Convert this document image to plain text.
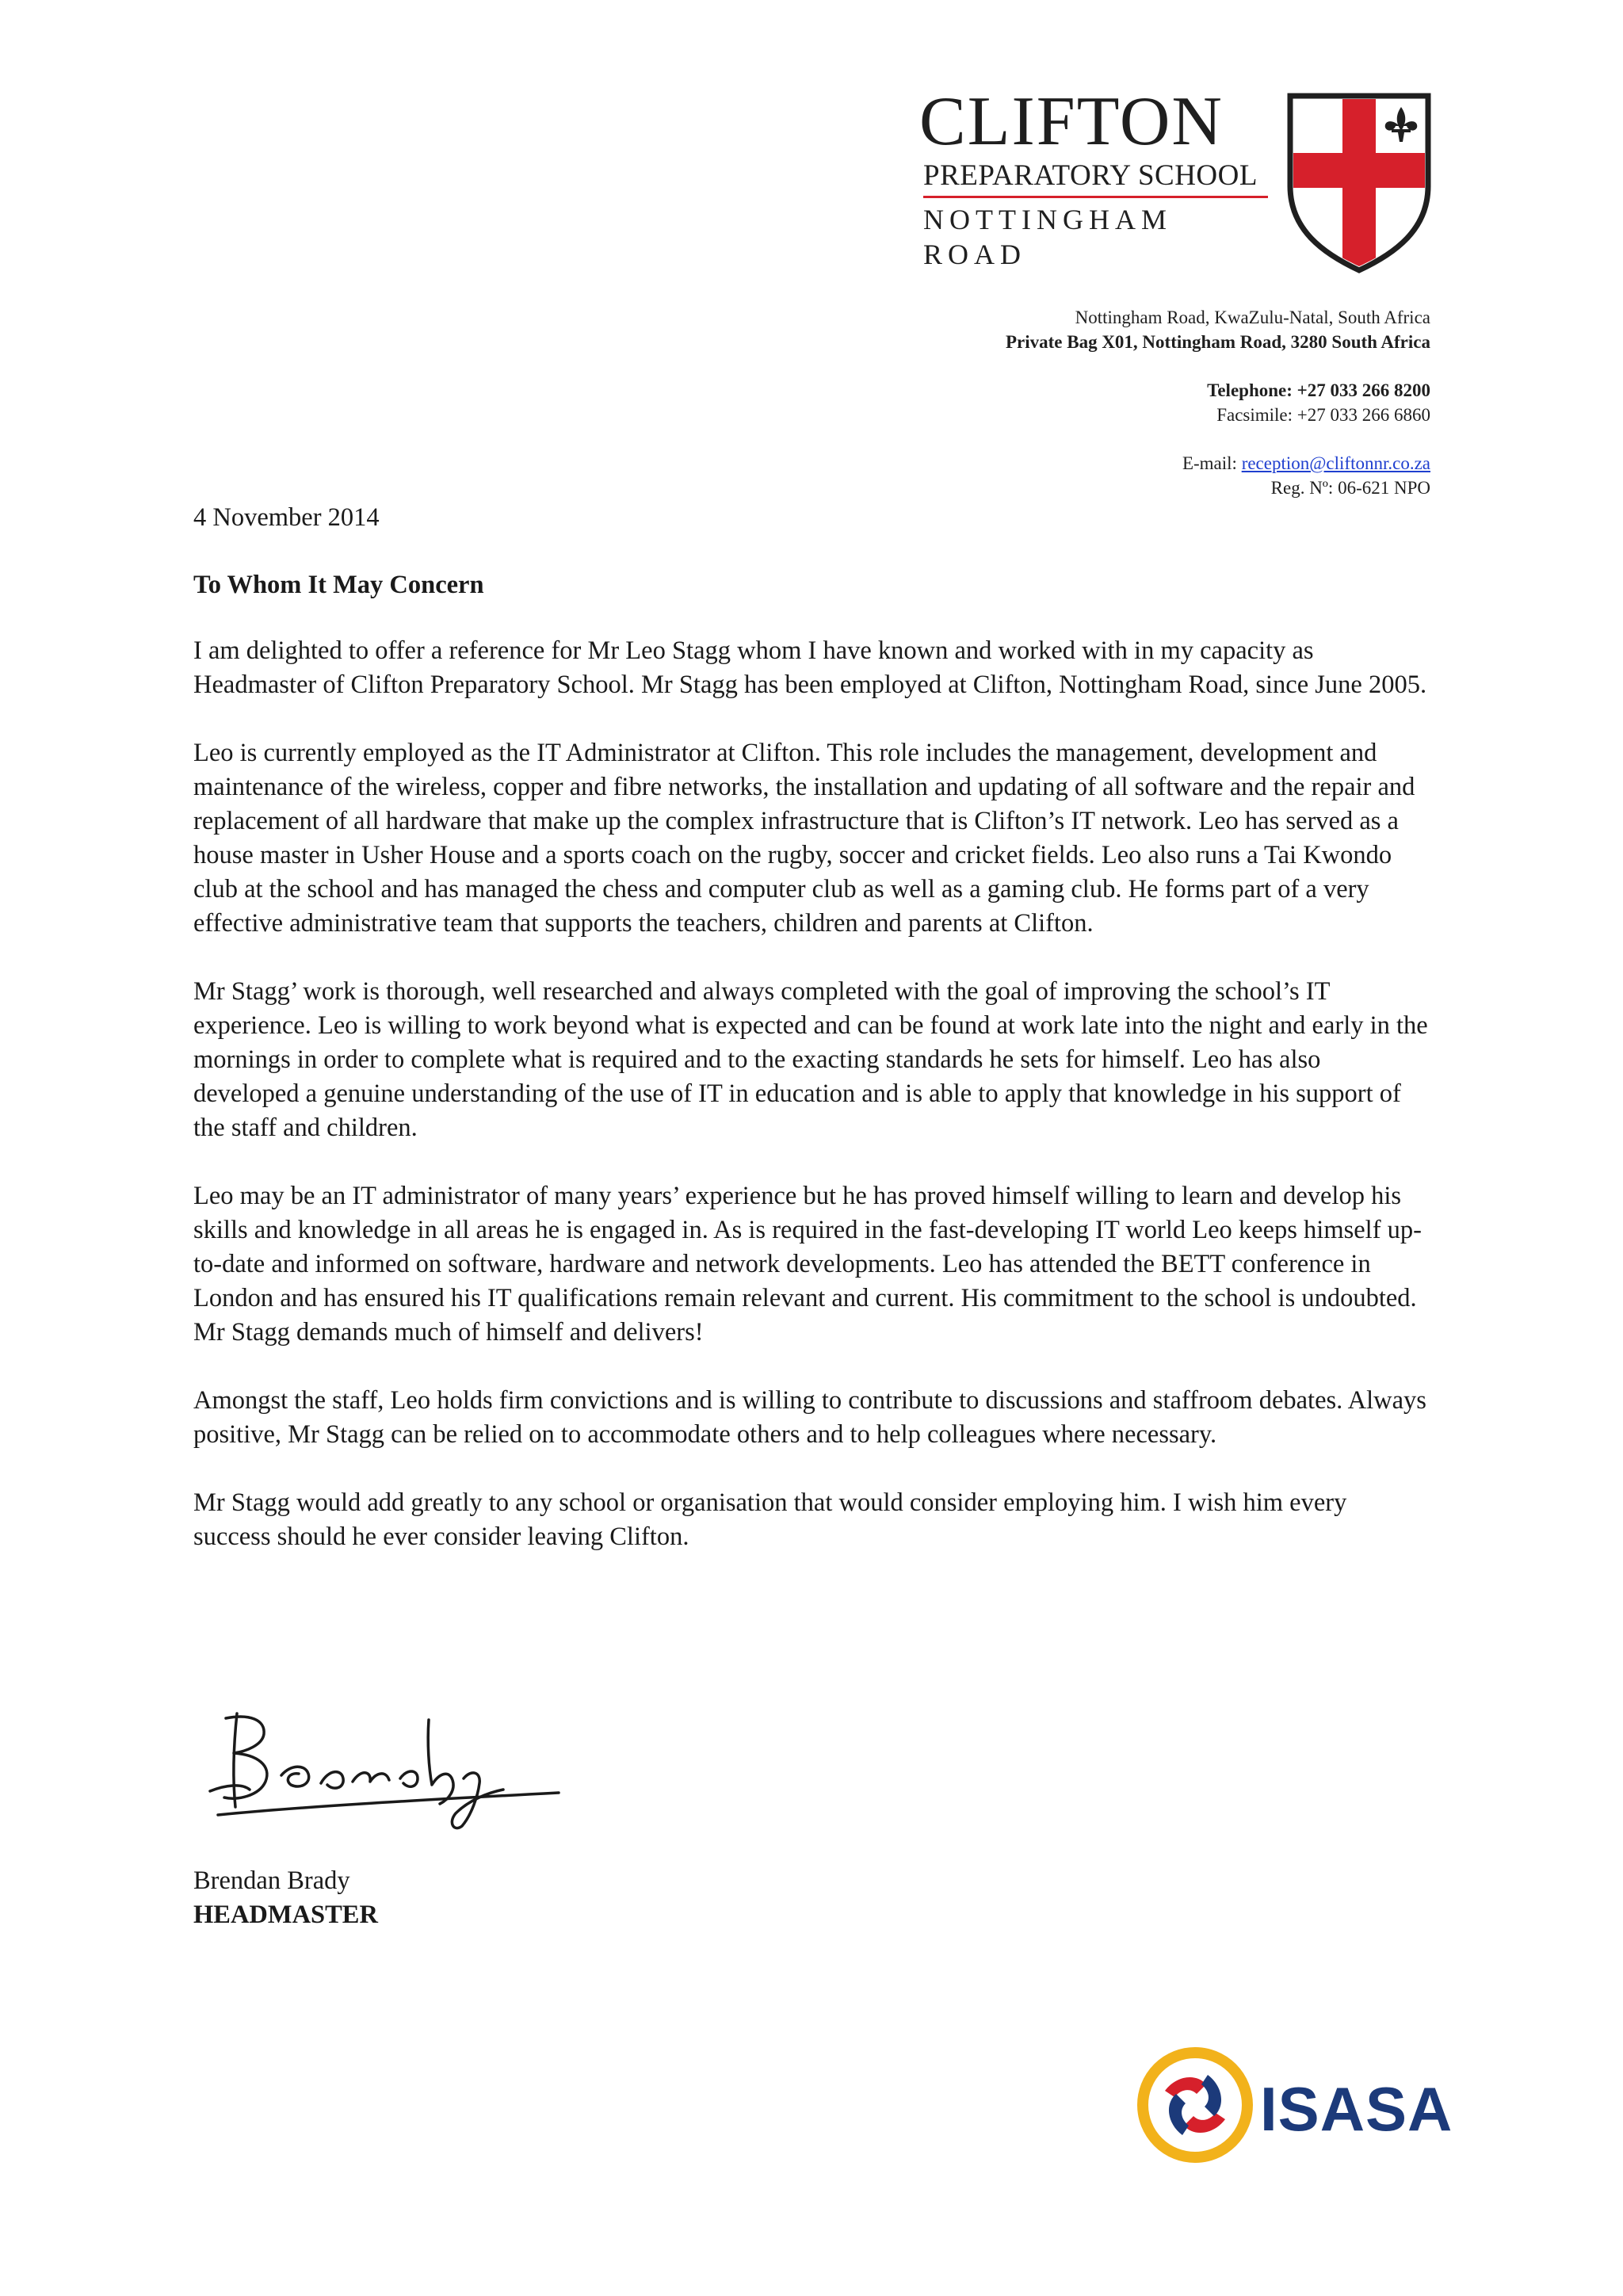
CLIFTON
PREPARATORY SCHOOL
NOTTINGHAM ROAD
Nottingham Road, KwaZulu-Natal, South Africa
Private Bag X01, Nottingham Road, 3280 South Africa
Telephone: +27 033 266 8200
Facsimile: +27 033 266 6860
E-mail: reception@cliftonnr.co.za
Reg. Nº: 06-621 NPO
4 November 2014
To Whom It May Concern

I am delighted to offer a reference for Mr Leo Stagg whom I have known and worked with in my capacity as Headmaster of Clifton Preparatory School. Mr Stagg has been employed at Clifton, Nottingham Road, since June 2005.

Leo is currently employed as the IT Administrator at Clifton. This role includes the management, development and maintenance of the wireless, copper and fibre networks, the installation and updating of all software and the repair and replacement of all hardware that make up the complex infrastructure that is Clifton’s IT network. Leo has served as a house master in Usher House and a sports coach on the rugby, soccer and cricket fields. Leo also runs a Tai Kwondo club at the school and has managed the chess and computer club as well as a gaming club. He forms part of a very effective administrative team that supports the teachers, children and parents at Clifton.

Mr Stagg’ work is thorough, well researched and always completed with the goal of improving the school’s IT experience. Leo is willing to work beyond what is expected and can be found at work late into the night and early in the mornings in order to complete what is required and to the exacting standards he sets for himself. Leo has also developed a genuine understanding of the use of IT in education and is able to apply that knowledge in his support of the staff and children.

Leo may be an IT administrator of many years’ experience but he has proved himself willing to learn and develop his skills and knowledge in all areas he is engaged in. As is required in the fast-developing IT world Leo keeps himself up-to-date and informed on software, hardware and network developments. Leo has attended the BETT conference in London and has ensured his IT qualifications remain relevant and current. His commitment to the school is undoubted. Mr Stagg demands much of himself and delivers!

Amongst the staff, Leo holds firm convictions and is willing to contribute to discussions and staffroom debates. Always positive, Mr Stagg can be relied on to accommodate others and to help colleagues where necessary.

Mr Stagg would add greatly to any school or organisation that would consider employing him. I wish him every success should he ever consider leaving Clifton.

Brendan Brady
HEADMASTER
ISASA
